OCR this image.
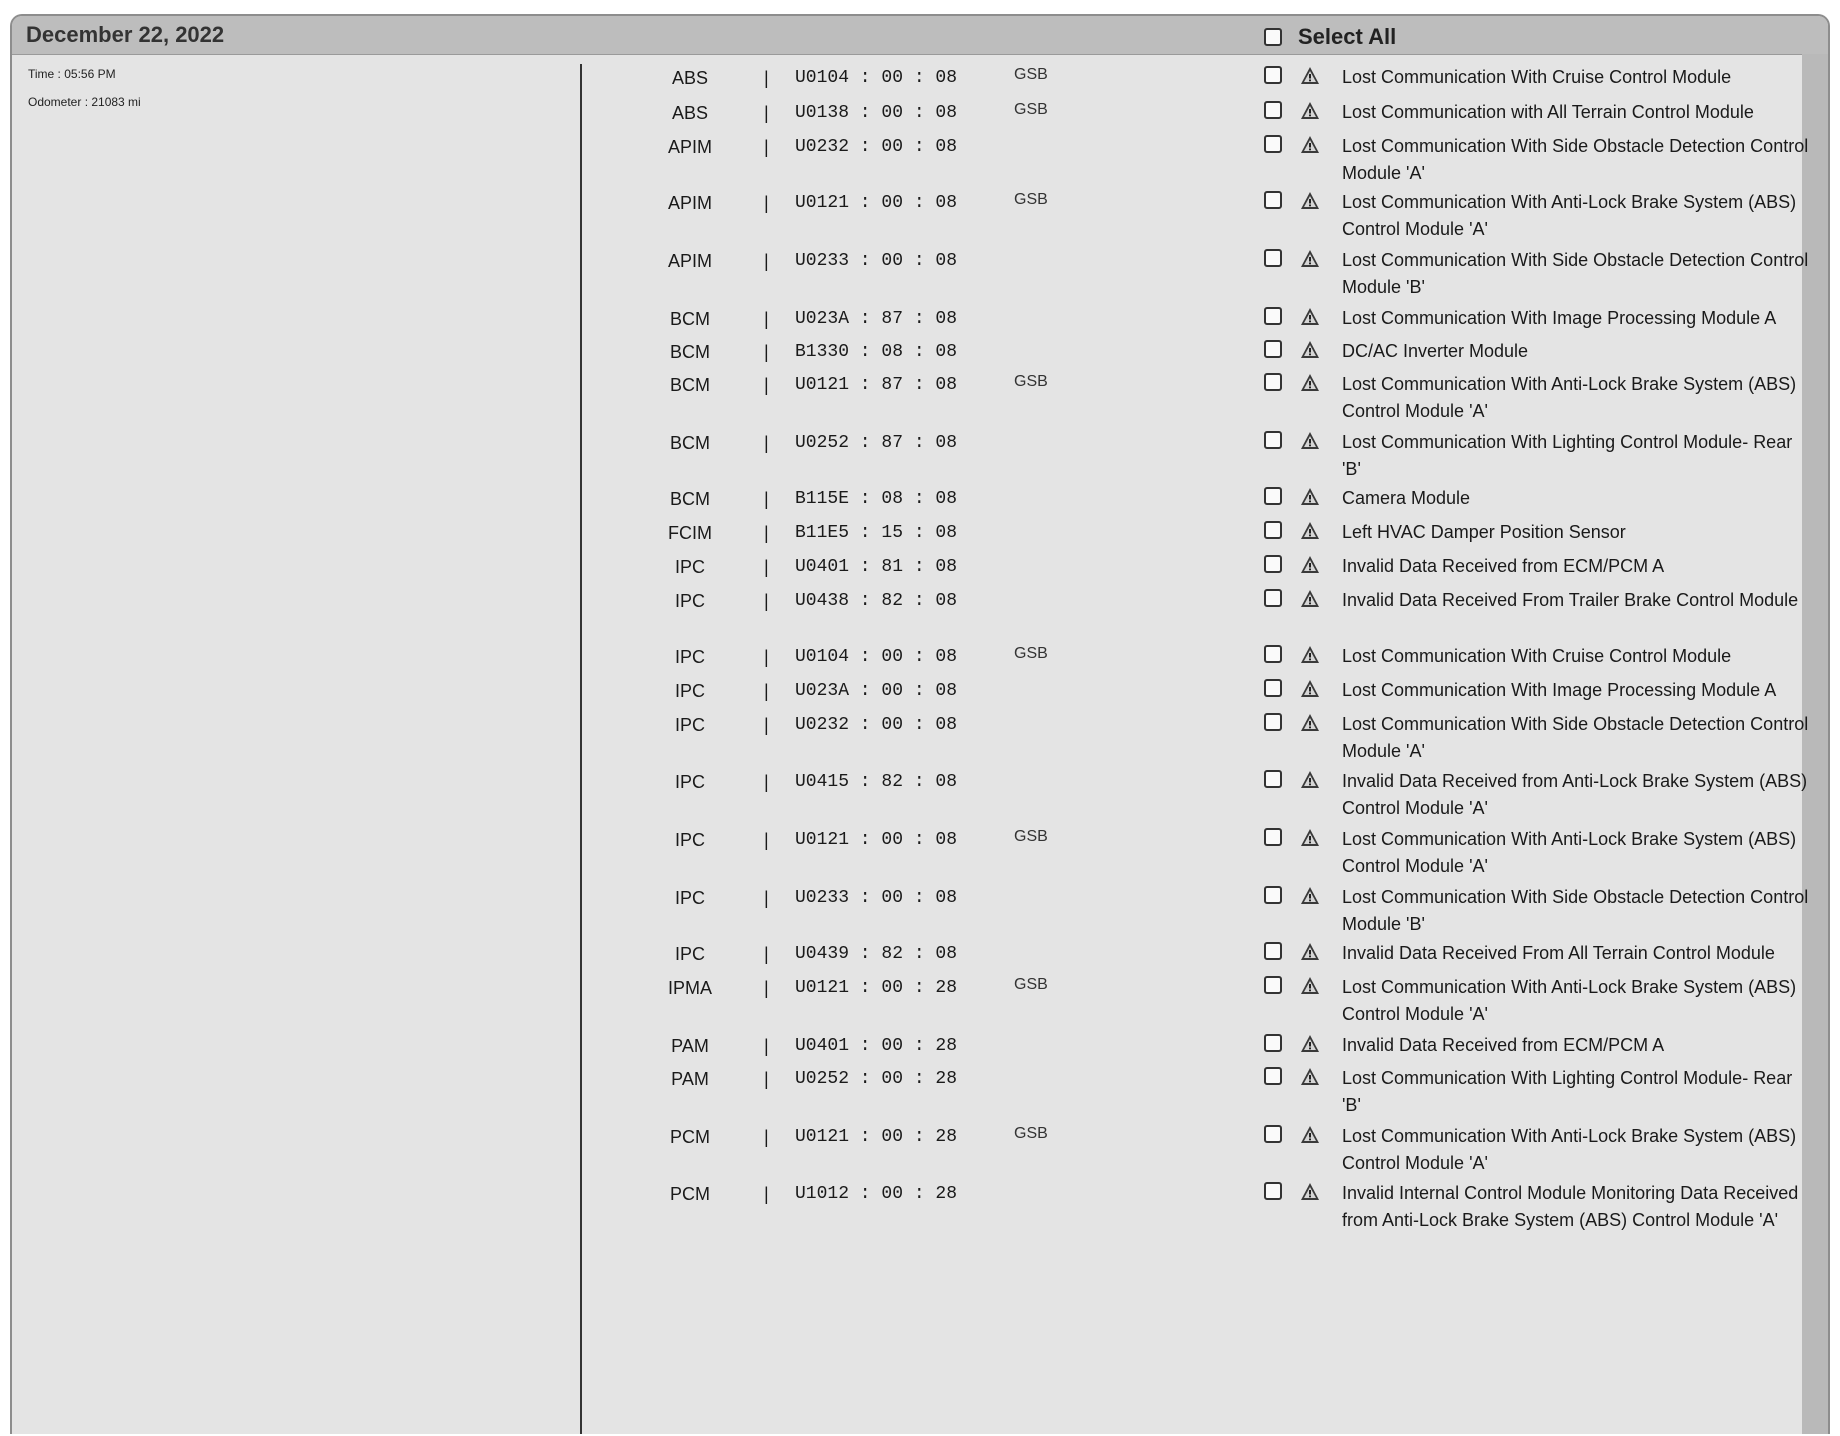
December 22, 2022	Select All
Time : 05:56 PM
Odometer : 21083 mi
ABS	| U0104 : 00 : 08	GSB	Lost Communication With Cruise Control Module
ABS	| U0138 : 00 : 08	GSB	Lost Communication with All Terrain Control Module
APIM	| U0232 : 00 : 08	Lost Communication With Side Obstacle Detection Control Module 'A'
APIM	| U0121 : 00 : 08	GSB	Lost Communication With Anti-Lock Brake System (ABS) Control Module 'A'
APIM	| U0233 : 00 : 08	Lost Communication With Side Obstacle Detection Control Module 'B'
BCM	| U023A : 87 : 08	Lost Communication With Image Processing Module A
BCM	| B1330 : 08 : 08	DC/AC Inverter Module
BCM	| U0121 : 87 : 08	GSB	Lost Communication With Anti-Lock Brake System (ABS) Control Module 'A'
BCM	| U0252 : 87 : 08	Lost Communication With Lighting Control Module- Rear 'B'
BCM	| B115E : 08 : 08	Camera Module
FCIM	| B11E5 : 15 : 08	Left HVAC Damper Position Sensor
IPC	| U0401 : 81 : 08	Invalid Data Received from ECM/PCM A
IPC	| U0438 : 82 : 08	Invalid Data Received From Trailer Brake Control Module
IPC	| U0104 : 00 : 08	GSB	Lost Communication With Cruise Control Module
IPC	| U023A : 00 : 08	Lost Communication With Image Processing Module A
IPC	| U0232 : 00 : 08	Lost Communication With Side Obstacle Detection Control Module 'A'
IPC	| U0415 : 82 : 08	Invalid Data Received from Anti-Lock Brake System (ABS) Control Module 'A'
IPC	| U0121 : 00 : 08	GSB	Lost Communication With Anti-Lock Brake System (ABS) Control Module 'A'
IPC	| U0233 : 00 : 08	Lost Communication With Side Obstacle Detection Control Module 'B'
IPC	| U0439 : 82 : 08	Invalid Data Received From All Terrain Control Module
IPMA	| U0121 : 00 : 28	GSB	Lost Communication With Anti-Lock Brake System (ABS) Control Module 'A'
PAM	| U0401 : 00 : 28	Invalid Data Received from ECM/PCM A
PAM	| U0252 : 00 : 28	Lost Communication With Lighting Control Module- Rear 'B'
PCM	| U0121 : 00 : 28	GSB	Lost Communication With Anti-Lock Brake System (ABS) Control Module 'A'
PCM	| U1012 : 00 : 28	Invalid Internal Control Module Monitoring Data Received from Anti-Lock Brake System (ABS) Control Module 'A'
